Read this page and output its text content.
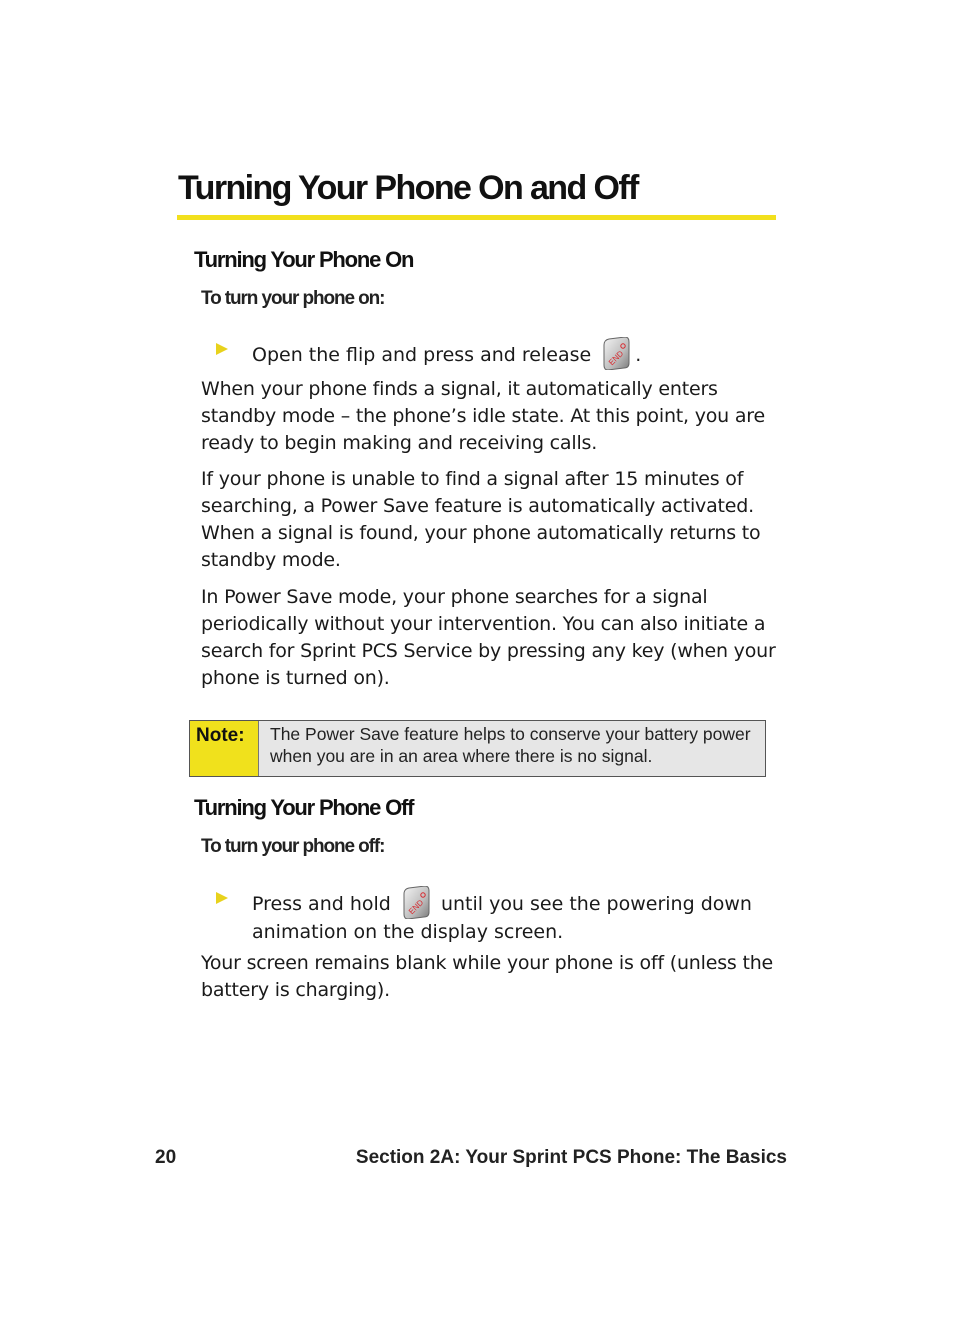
Turning Your Phone On and Off
Turning Your Phone On

To turn your phone on:

Open the flip and press and release END .

When your phone finds a signal, it automatically enters standby mode – the phone’s idle state. At this point, you are ready to begin making and receiving calls.

If your phone is unable to find a signal after 15 minutes of searching, a Power Save feature is automatically activated. When a signal is found, your phone automatically returns to standby mode.

In Power Save mode, your phone searches for a signal periodically without your intervention. You can also initiate a search for Sprint PCS Service by pressing any key (when your phone is turned on).

Note: The Power Save feature helps to conserve your battery power when you are in an area where there is no signal.
Turning Your Phone Off

To turn your phone off:

Press and hold END until you see the powering down animation on the display screen.

Your screen remains blank while your phone is off (unless the battery is charging).

20	Section 2A: Your Sprint PCS Phone: The Basics
